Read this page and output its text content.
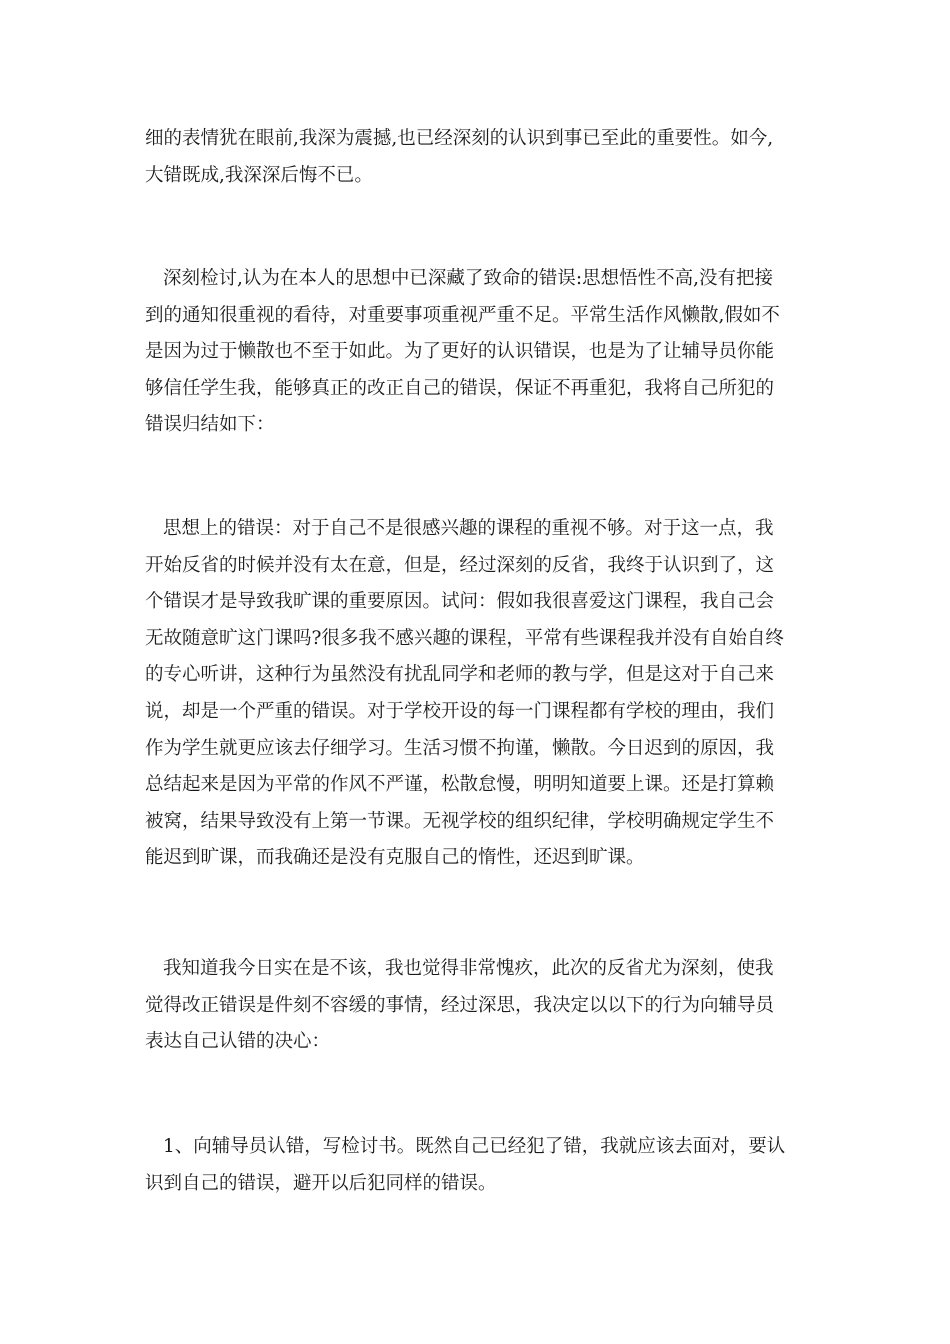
细的表情犹在眼前,我深为震撼,也已经深刻的认识到事已至此的重要性。如今,
大错既成,我深深后悔不已。
深刻检讨,认为在本人的思想中已深藏了致命的错误:思想悟性不高,没有把接
到的通知很重视的看待，对重要事项重视严重不足。平常生活作风懒散,假如不
是因为过于懒散也不至于如此。为了更好的认识错误，也是为了让辅导员你能
够信任学生我，能够真正的改正自己的错误，保证不再重犯，我将自己所犯的
错误归结如下：
思想上的错误：对于自己不是很感兴趣的课程的重视不够。对于这一点，我
开始反省的时候并没有太在意，但是，经过深刻的反省，我终于认识到了，这
个错误才是导致我旷课的重要原因。试问：假如我很喜爱这门课程，我自己会
无故随意旷这门课吗?很多我不感兴趣的课程，平常有些课程我并没有自始自终
的专心听讲，这种行为虽然没有扰乱同学和老师的教与学，但是这对于自己来
说，却是一个严重的错误。对于学校开设的每一门课程都有学校的理由，我们
作为学生就更应该去仔细学习。生活习惯不拘谨，懒散。今日迟到的原因，我
总结起来是因为平常的作风不严谨，松散怠慢，明明知道要上课。还是打算赖
被窝，结果导致没有上第一节课。无视学校的组织纪律，学校明确规定学生不
能迟到旷课，而我确还是没有克服自己的惰性，还迟到旷课。
我知道我今日实在是不该，我也觉得非常愧疚，此次的反省尤为深刻，使我
觉得改正错误是件刻不容缓的事情，经过深思，我决定以以下的行为向辅导员
表达自己认错的决心：
1、向辅导员认错，写检讨书。既然自己已经犯了错，我就应该去面对，要认
识到自己的错误，避开以后犯同样的错误。
